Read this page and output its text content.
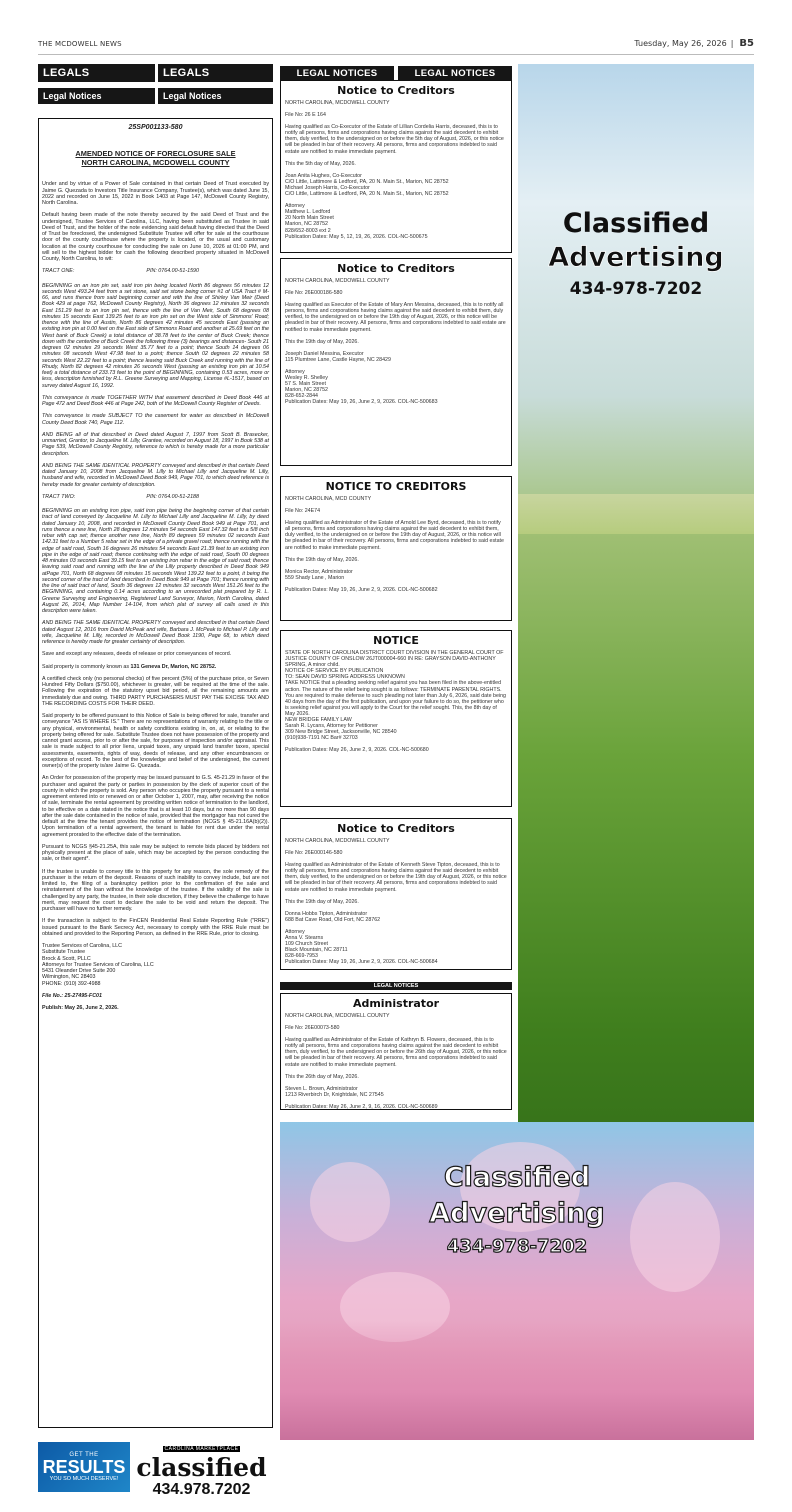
THE MCDOWELL NEWS	Tuesday, May 26, 2026 | B5
LEGALS	LEGALS
Legal Notices	Legal Notices
25SP001133-580
AMENDED NOTICE OF FORECLOSURE SALE
NORTH CAROLINA, MCDOWELL COUNTY

Under and by virtue of a Power of Sale contained in that certain Deed of Trust executed by Jaime G. Quezada to Investors Title Insurance Company, Trustee(s), which was dated June 15, 2022 and recorded on June 15, 2022 in Book 1403 at Page 147, McDowell County Registry, North Carolina.

Default having been made of the note thereby secured by the said Deed of Trust and the undersigned, Trustee Services of Carolina, LLC, having been substituted as Trustee in said Deed of Trust, and the holder of the note evidencing said default having directed that the Deed of Trust be foreclosed, the undersigned Substitute Trustee will offer for sale at the courthouse door of the county courthouse where the property is located, or the usual and customary location at the county courthouse for conducting the sale on June 10, 2026 at 01:00 PM, and will sell to the highest bidder for cash the following described property situated in McDowell County, North Carolina, to wit:

TRACT ONE:	PIN: 0764.00-51-1590

BEGINNING on an iron pin set, said iron pin being located North 86 degrees 56 minutes 12 seconds West 493.24 feet from a set stone, said set stone being corner #1 of USA Tract # M-66, and runs thence from said beginning corner and with the line of Shirley Van Meir (Deed Book 429 at page 762, McDowell County Registry), North 36 degrees 12 minutes 32 seconds East 151.29 feet to an iron pin set, thence with the line of Van Meir, South 68 degrees 08 minutes 15 seconds East 139.25 feet to an iron pin set on the West side of Simmons' Road; thence with the line of Austin, North 86 degrees 42 minutes 45 seconds East (passing an existing iron pin at 0.00 feet on the East side of Simmons Road and another at 25.69 feet on the West bank of Buck Creek) a total distance of 38.78 feet to the center of Buck Creek; thence down with the centerline of Buck Creek the following three (3) bearings and distances- South 21 degrees 02 minutes 29 seconds West 35.77 feet to a point; thence South 14 degrees 06 minutes 08 seconds West 47.98 feet to a point; thence South 02 degrees 22 minutes 58 seconds West 22.22 feet to a point; thence leaving said Buck Creek and running with the line of Rhudy, North 82 degrees 42 minutes 26 seconds West (passing an existing iron pin at 10.54 feet) a total distance of 233.73 feet to the point of BEGINNING, containing 0.53 acres, more or less, description furnished by R.L. Greene Surveying and Mapping, License #L-1517, based on survey dated August 16, 1992.

This conveyance is made TOGETHER WITH that easement described in Deed Book 446 at Page 472 and Deed Book 446 at Page 242, both of the McDowell County Register of Deeds.

This conveyance is made SUBJECT TO the casement for water as described in McDowell County Deed Book 740, Page 112.

AND BEING all of that described in Deed dated August 7, 1997 from Scott B. Brasecker, unmarried, Grantor, to Jacqueline M. Lilly, Grantee, recorded on August 18, 1997 in Book 538 at Page 539, McDowell County Registry, reference to which is hereby made for a more particular description.

AND BEING THE SAME IDENTICAL PROPERTY conveyed and described in that certain Deed dated January 10, 2008 from Jacqueline M. Lilly to Michael Lilly and Jacqueline M. Lilly, husband and wife, recorded in McDowell Deed Book 949, Page 701, to which deed reference is hereby made for greater certainty of description.

TRACT TWO:	PIN: 0764.00-51-2188

BEGINNING on an existing iron pipe, said iron pipe being the beginning corner of that certain tract of land conveyed by Jacqueline M. Lilly to Michael Lilly and Jacqueline M. Lilly, by deed dated January 10, 2008, and recorded in McDowell County Deed Book 949 at Page 701, and runs thence a new line, North 28 degrees 12 minutes 54 seconds East 147.32 feet to a 5/8 inch rebar with cap set; thence another new line, North 89 degrees 59 minutes 02 seconds East 142.31 feet to a Number 5 rebar set in the edge of a private gravel road; thence running with the edge of said road, South 16 degrees 26 minutes 54 seconds East 21.39 feet to an existing iron pipe in the edge of said road; thence continuing with the edge of said road, South 00 degrees 48 minutes 03 seconds East 39.15 feet to an existing iron rebar in the edge of said road; thence leaving said road and running with the line of the Lilly property described in Deed Book 949 atPage 701, North 68 degrees 08 minutes 15 seconds West 139.22 feet to a point, it being the second corner of the tract of land described in Deed Book 949 at Page 701; thence running with the line of said tract of land, South 36 degrees 12 minutes 32 seconds West 151.26 feet to the BEGINNING, and containing 0.14 acres according to an unrecorded plat prepared by R. L. Greene Surveying and Engineering, Registered Land Surveyor, Marion, North Carolina, dated August 26, 2014, Map Number 14-104, from which plat of survey all calls used in this description were taken.

AND BEING THE SAME IDENTICAL PROPERTY conveyed and described in that certain Deed dated August 12, 2016 from David McPeak and wife, Barbara J. McPeak to Michael P. Lilly and wife, Jacqueline M. Lilly, recorded in McDowell Deed Book 1190, Page 68, to which deed reference is hereby made for greater certainty of description.

Save and except any releases, deeds of release or prior conveyances of record.

Said property is commonly known as 131 Geneva Dr, Marion, NC 28752.

A certified check only (no personal checks) of five percent (5%) of the purchase price, or Seven Hundred Fifty Dollars ($750.00), whichever is greater, will be required at the time of the sale. Following the expiration of the statutory upset bid period, all the remaining amounts are immediately due and owing. THIRD PARTY PURCHASERS MUST PAY THE EXCISE TAX AND THE RECORDING COSTS FOR THEIR DEED.

Said property to be offered pursuant to this Notice of Sale is being offered for sale, transfer and conveyance "AS IS WHERE IS." There are no representations of warranty relating to the title or any physical, environmental, health or safety conditions existing in, on, at, or relating to the property being offered for sale. Substitute Trustee does not have possession of the property and cannot grant access, prior to or after the sale, for purposes of inspection and/or appraisal. This sale is made subject to all prior liens, unpaid taxes, any unpaid land transfer taxes, special assessments, easements, rights of way, deeds of release, and any other encumbrances or exceptions of record. To the best of the knowledge and belief of the undersigned, the current owner(s) of the property is/are Jaime G. Quezada.

An Order for possession of the property may be issued pursuant to G.S. 45-21.29 in favor of the purchaser and against the party or parties in possession by the clerk of superior court of the county in which the property is sold. Any person who occupies the property pursuant to a rental agreement entered into or renewed on or after October 1, 2007, may, after receiving the notice of sale, terminate the rental agreement by providing written notice of termination to the landlord, to be effective on a date stated in the notice that is at least 10 days, but no more than 90 days after the sale date contained in the notice of sale, provided that the mortgagor has not cured the default at the time the tenant provides the notice of termination (NCGS § 45-21.16A(b)(2)). Upon termination of a rental agreement, the tenant is liable for rent due under the rental agreement prorated to the effective date of the termination.

Pursuant to NCGS §45-21.25A, this sale may be subject to remote bids placed by bidders not physically present at the place of sale, which may be accepted by the person conducting the sale, or their agent*.

If the trustee is unable to convey title to this property for any reason, the sole remedy of the purchaser is the return of the deposit. Reasons of such inability to convey include, but are not limited to, the filing of a bankruptcy petition prior to the confirmation of the sale and reinstatement of the loan without the knowledge of the trustee. If the validity of the sale is challenged by any party, the trustee, in their sole discretion, if they believe the challenge to have merit, may request the court to declare the sale to be void and return the deposit. The purchaser will have no further remedy.

If the transaction is subject to the FinCEN Residential Real Estate Reporting Rule ("RRE") issued pursuant to the Bank Secrecy Act, necessary to comply with the RRE Rule must be obtained and provided to the Reporting Person, as defined in the RRE Rule, prior to closing.

Trustee Services of Carolina, LLC

Substitute Trustee

Brock & Scott, PLLC

Attorneys for Trustee Services of Carolina, LLC

5431 Oleander Drive Suite 200

Wilmington, NC 28403

PHONE: (910) 392-4988

File No.: 25-27495-FC01

Publish: May 26, June 2, 2026.

GET THE
RESULTS
YOU SO MUCH DESERVE!
CAROLINA MARKETPLACE
classified
434.978.7202
LEGAL NOTICES	LEGAL NOTICES
Notice to Creditors
NORTH CAROLINA, MCDOWELL COUNTY
File No: 26 E 164
Having qualified as Co-Executor of the Estate of Lillian Cordelia Harris, deceased, this is to notify all persons, firms and corporations having claims against the said decedent to exhibit them, duly verified, to the undersigned on or before the 5th day of August, 2026, or this notice will be pleaded in bar of their recovery. All persons, firms and corporations indebted to said estate are notified to make immediate payment.
This the 5th day of May, 2026.
Joan Anita Hughes, Co-Executor
C/O Little, Lattimore & Ledford, PA, 20 N. Main St., Marion, NC 28752
Michael Joseph Harris, Co-Executor
C/O Little, Lattimore & Ledford, PA, 20 N. Main St., Marion, NC 28752
Attorney
Matthew L. Ledford
20 North Main Street
Marion, NC 28752
828/652-8003 ext 2
Publication Dates: May 5, 12, 19, 26, 2026. COL-NC-500675
Notice to Creditors
NORTH CAROLINA, MCDOWELL COUNTY
File No: 26E000186-580
Having qualified as Executor of the Estate of Mary Ann Messina, deceased, this is to notify all persons, firms and corporations having claims against the said decedent to exhibit them, duly verified, to the undersigned on or before the 19th day of August, 2026, or this notice will be pleaded in bar of their recovery. All persons, firms and corporations indebted to said estate are notified to make immediate payment.
This the 19th day of May, 2026.
Joseph Daniel Messina, Executor
115 Plumtree Lane, Castle Hayne, NC 28429
Attorney
Wesley R. Shelley
57 S. Main Street
Marion, NC 28752
828-652-2844
Publication Dates: May 19, 26, June 2, 9, 2026. COL-NC-500683
NOTICE TO CREDITORS
NORTH CAROLINA, MCD COUNTY
File No: 24E74
Having qualified as Administrator of the Estate of Arnold Lee Byrd, deceased, this is to notify all persons, firms and corporations having claims against the said decedent to exhibit them, duly verified, to the undersigned on or before the 19th day of August, 2026, or this notice will be pleaded in bar of their recovery. All persons, firms and corporations indebted to said estate are notified to make immediate payment.
This the 19th day of May, 2026.
Monica Rector, Administrator
559 Shady Lane , Marion
Publication Dates: May 19, 26, June 2, 9, 2026. COL-NC-500682
NOTICE
STATE OF NORTH CAROLINA DISTRICT COURT DIVISION IN THE GENERAL COURT OF JUSTICE COUNTY OF ONSLOW 26JT000004-660 IN RE: GRAYSON DAVID-ANTHONY SPRING, A minor child.
NOTICE OF SERVICE BY PUBLICATION
TO: SEAN DAVID SPRING ADDRESS UNKNOWN
TAKE NOTICE that a pleading seeking relief against you has been filed in the above-entitled action. The nature of the relief being sought is as follows: TERMINATE PARENTAL RIGHTS. You are required to make defense to such pleading not later than July 6, 2026, said date being 40 days from the day of the first publication, and upon your failure to do so, the petitioner who is seeking relief against you will apply to the Court for the relief sought. This, the 8th day of May 2026.
NEW BRIDGE FAMILY LAW
Sarah R. Lycans, Attorney for Petitioner
309 New Bridge Street, Jacksonville, NC 28540
(910)938-7191 NC Bar# 32703
Publication Dates: May 26, June 2, 9, 2026. COL-NC-500680
Notice to Creditors
NORTH CAROLINA, MCDOWELL COUNTY
File No: 26E000146-580
Having qualified as Administrator of the Estate of Kenneth Steve Tipton, deceased, this is to notify all persons, firms and corporations having claims against the said decedent to exhibit them, duly verified, to the undersigned on or before the 19th day of August, 2026, or this notice will be pleaded in bar of their recovery. All persons, firms and corporations indebted to said estate are notified to make immediate payment.
This the 19th day of May, 2026.
Donna Hobbs Tipton, Administrator
688 Bat Cave Road, Old Fort, NC 28762
Attorney
Anna V. Stearns
109 Church Street
Black Mountain, NC 28711
828-669-7953
Publication Dates: May 19, 26, June 2, 9, 2026. COL-NC-500684
Classified
Advertising
434-978-7202
Classified
Advertising
434-978-7202
LEGAL NOTICES
Administrator
NORTH CAROLINA, MCDOWELL COUNTY
File No: 26E00073-580
Having qualified as Administrator of the Estate of Kathryn B. Flowers, deceased, this is to notify all persons, firms and corporations having claims against the said decedent to exhibit them, duly verified, to the undersigned on or before the 26th day of August, 2026, or this notice will be pleaded in bar of their recovery. All persons, firms and corporations indebted to said estate are notified to make immediate payment.
This the 26th day of May, 2026.
Steven L. Brown, Administrator
1213 Riverbirch Dr, Knightdale, NC 27545
Publication Dates: May 26, June 2, 9, 16, 2026. COL-NC-500689
